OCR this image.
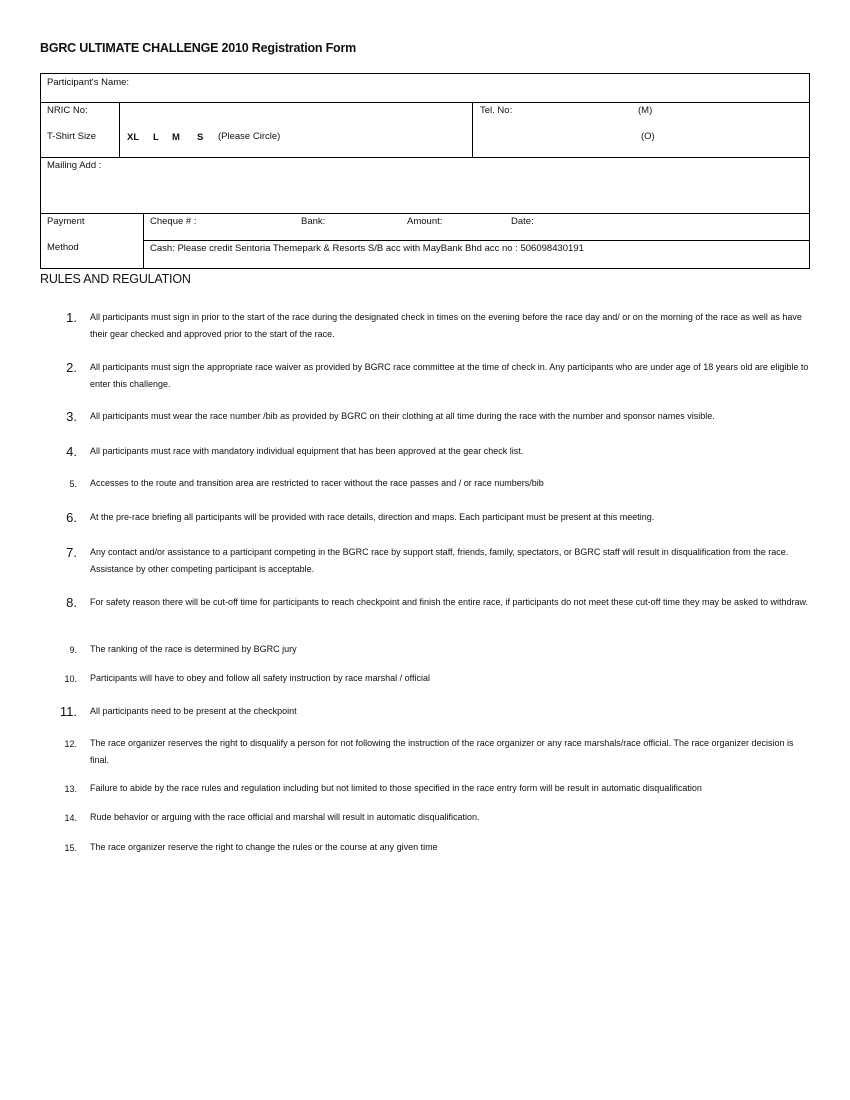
BGRC ULTIMATE CHALLENGE 2010 Registration Form
Participant's Name:
NRIC No:
T-Shirt Size	XL L M S (Please Circle)
Tel. No:	(M)
(O)
Mailing Add :
Payment
Method
Cheque # :	Bank:	Amount:	Date:
Cash: Please credit Sentoria Themepark & Resorts S/B acc with MayBank Bhd acc no : 506098430191
RULES AND REGULATION
1. All participants must sign in prior to the start of the race during the designated check in times on the evening before the race day and/ or on the morning of the race as well as have their gear checked and approved prior to the start of the race.
2. All participants must sign the appropriate race waiver as provided by BGRC race committee at the time of check in. Any participants who are under age of 18 years old are eligible to enter this challenge.
3. All participants must wear the race number /bib as provided by BGRC on their clothing at all time during the race with the number and sponsor names visible.
4. All participants must race with mandatory individual equipment that has been approved at the gear check list.
5. Accesses to the route and transition area are restricted to racer without the race passes and / or race numbers/bib
6. At the pre-race briefing all participants will be provided with race details, direction and maps. Each participant must be present at this meeting.
7. Any contact and/or assistance to a participant competing in the BGRC race by support staff, friends, family, spectators, or BGRC staff will result in disqualification from the race. Assistance by other competing participant is acceptable.
8. For safety reason there will be cut-off time for participants to reach checkpoint and finish the entire race, if participants do not meet these cut-off time they may be asked to withdraw.
9. The ranking of the race is determined by BGRC jury
10. Participants will have to obey and follow all safety instruction by race marshal / official
11. All participants need to be present at the checkpoint
12. The race organizer reserves the right to disqualify a person for not following the instruction of the race organizer or any race marshals/race official. The race organizer decision is final.
13. Failure to abide by the race rules and regulation including but not limited to those specified in the race entry form will be result in automatic disqualification
14. Rude behavior or arguing with the race official and marshal will result in automatic disqualification.
15. The race organizer reserve the right to change the rules or the course at any given time
